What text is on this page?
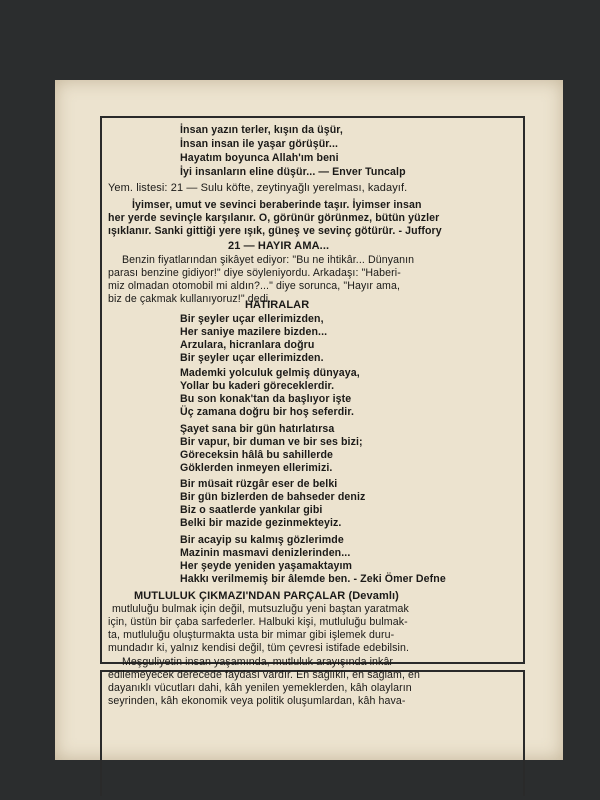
İnsan yazın terler, kışın da üşür,
İnsan insan ile yaşar görüşür...
Hayatım boyunca Allah'ım beni
İyi insanların eline düşür... — Enver Tuncalp
Yem. listesi: 21 — Sulu köfte, zeytinyağlı yerelması, kadayıf.
İyimser, umut ve sevinci beraberinde taşır. İyimser insan
her yerde sevinçle karşılanır. O, görünür görünmez, bütün yüzler
ışıklanır. Sanki gittiği yere ışık, güneş ve sevinç götürür. - Juffory
21 — HAYIR AMA...
Benzin fiyatlarından şikâyet ediyor: "Bu ne ihtikâr... Dünyanın
parası benzine gidiyor!" diye söyleniyordu. Arkadaşı: "Haberi-
miz olmadan otomobil mi aldın?..." diye sorunca, "Hayır ama,
biz de çakmak kullanıyoruz!" dedi.
HATIRALAR
Bir şeyler uçar ellerimizden,
Her saniye mazilere bizden...
Arzulara, hicranlara doğru
Bir şeyler uçar ellerimizden.
Mademki yolculuk gelmiş dünyaya,
Yollar bu kaderi göreceklerdir.
Bu son konak'tan da başlıyor işte
Üç zamana doğru bir hoş seferdir.
Şayet sana bir gün hatırlatırsa
Bir vapur, bir duman ve bir ses bizi;
Göreceksin hâlâ bu sahillerde
Göklerden inmeyen ellerimizi.
Bir müsait rüzgâr eser de belki
Bir gün bizlerden de bahseder deniz
Biz o saatlerde yankılar gibi
Belki bir mazide gezinmekteyiz.
Bir acayip su kalmış gözlerimde
Mazinin masmavi denizlerinden...
Her şeyde yeniden yaşamaktayım
Hakkı verilmemiş bir âlemde ben. - Zeki Ömer Defne
MUTLULUK ÇIKMAZI'NDAN PARÇALAR (Devamlı)
mutluluğu bulmak için değil, mutsuzluğu yeni baştan yaratmak
için, üstün bir çaba sarfederler. Halbuki kişi, mutluluğu bulmak-
ta, mutluluğu oluşturmakta usta bir mimar gibi işlemek duru-
mundadır ki, yalnız kendisi değil, tüm çevresi istifade edebilsin.
Meşguliyetin insan yaşamında, mutluluk arayışında inkâr
edilemeyecek derecede faydası vardır. En sağlıklı, en sağlam, en
dayanıklı vücutları dahi, kâh yenilen yemeklerden, kâh olayların
seyrinden, kâh ekonomik veya politik oluşumlardan, kâh hava-
